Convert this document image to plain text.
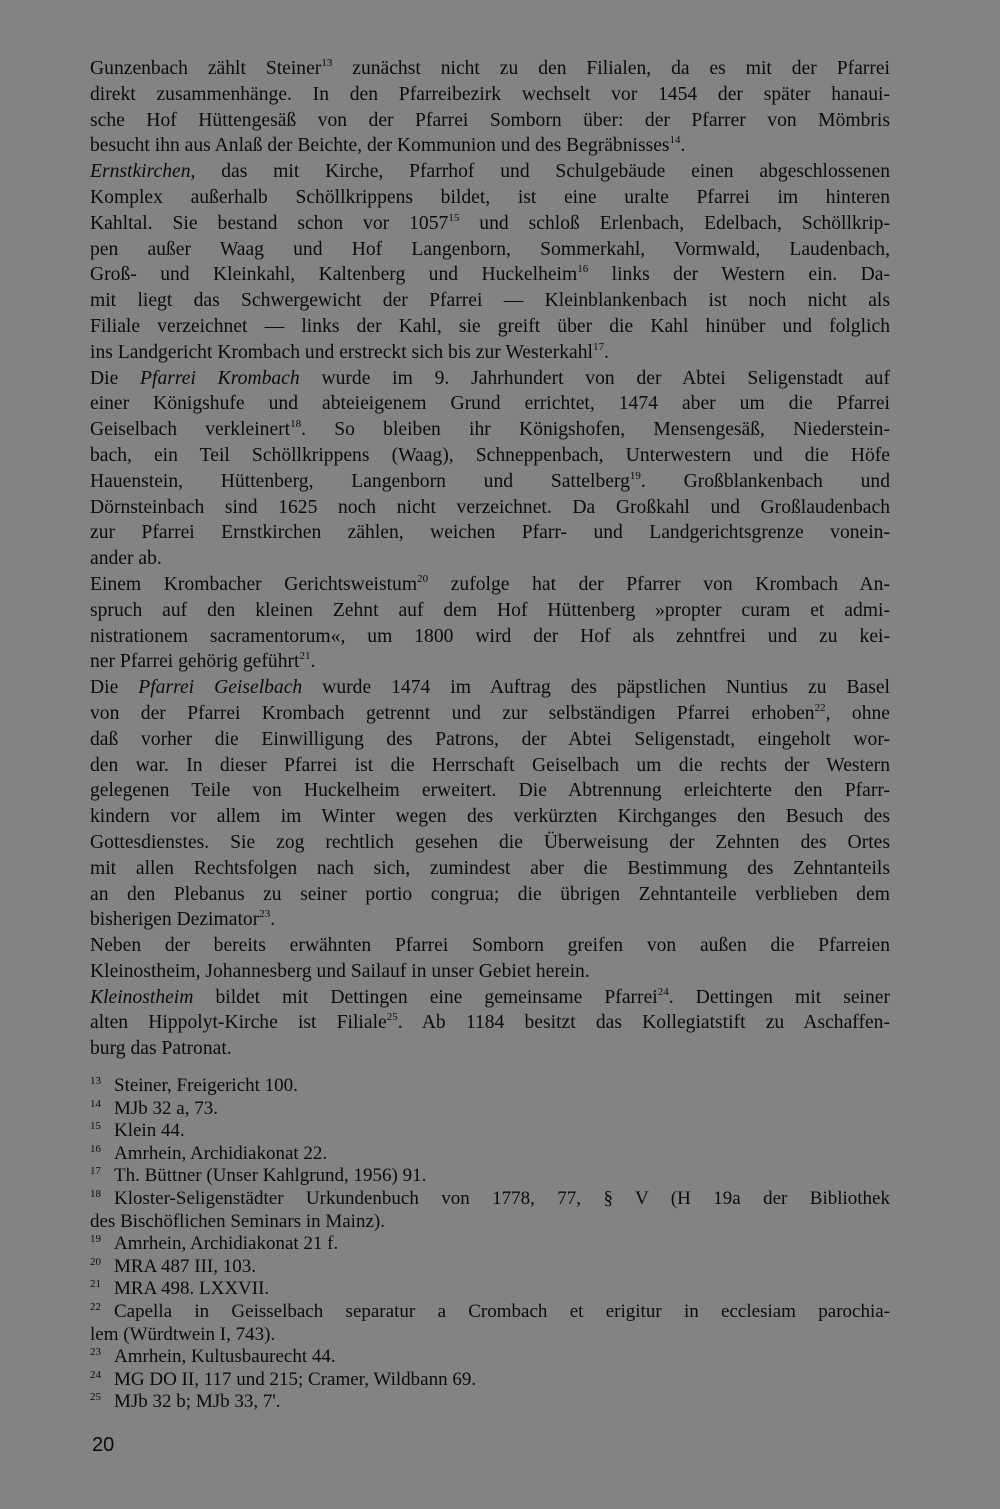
Gunzenbach zählt Steiner$^{13}$ zunächst nicht zu den Filialen, da es mit der Pfarrei
direkt zusammenhänge. In den Pfarreibezirk wechselt vor 1454 der später hanaui-
sche Hof Hüttengesäß von der Pfarrei Somborn über: der Pfarrer von Mömbris
besucht ihn aus Anlaß der Beichte, der Kommunion und des Begräbnisses$^{14}$.
Ernstkirchen, das mit Kirche, Pfarrhof und Schulgebäude einen abgeschlossenen
Komplex außerhalb Schöllkrippens bildet, ist eine uralte Pfarrei im hinteren
Kahltal. Sie bestand schon vor 1057$^{15}$ und schloß Erlenbach, Edelbach, Schöllkrip-
pen außer Waag und Hof Langenborn, Sommerkahl, Vormwald, Laudenbach,
Groß- und Kleinkahl, Kaltenberg und Huckelheim$^{16}$ links der Western ein. Da-
mit liegt das Schwergewicht der Pfarrei — Kleinblankenbach ist noch nicht als
Filiale verzeichnet — links der Kahl, sie greift über die Kahl hinüber und folglich
ins Landgericht Krombach und erstreckt sich bis zur Westerkahl$^{17}$.
Die Pfarrei Krombach wurde im 9. Jahrhundert von der Abtei Seligenstadt auf
einer Königshufe und abteieigenem Grund errichtet, 1474 aber um die Pfarrei
Geiselbach verkleinert$^{18}$. So bleiben ihr Königshofen, Mensengesäß, Niederstein-
bach, ein Teil Schöllkrippens (Waag), Schneppenbach, Unterwestern und die Höfe
Hauenstein, Hüttenberg, Langenborn und Sattelberg$^{19}$. Großblankenbach und
Dörnsteinbach sind 1625 noch nicht verzeichnet. Da Großkahl und Großlaudenbach
zur Pfarrei Ernstkirchen zählen, weichen Pfarr- und Landgerichtsgrenze vonein-
ander ab.
Einem Krombacher Gerichtsweistum$^{20}$ zufolge hat der Pfarrer von Krombach An-
spruch auf den kleinen Zehnt auf dem Hof Hüttenberg »propter curam et admi-
nistrationem sacramentorum«, um 1800 wird der Hof als zehntfrei und zu kei-
ner Pfarrei gehörig geführt$^{21}$.
Die Pfarrei Geiselbach wurde 1474 im Auftrag des päpstlichen Nuntius zu Basel
von der Pfarrei Krombach getrennt und zur selbständigen Pfarrei erhoben$^{22}$, ohne
daß vorher die Einwilligung des Patrons, der Abtei Seligenstadt, eingeholt wor-
den war. In dieser Pfarrei ist die Herrschaft Geiselbach um die rechts der Western
gelegenen Teile von Huckelheim erweitert. Die Abtrennung erleichterte den Pfarr-
kindern vor allem im Winter wegen des verkürzten Kirchganges den Besuch des
Gottesdienstes. Sie zog rechtlich gesehen die Überweisung der Zehnten des Ortes
mit allen Rechtsfolgen nach sich, zumindest aber die Bestimmung des Zehntanteils
an den Plebanus zu seiner portio congrua; die übrigen Zehntanteile verblieben dem
bisherigen Dezimator$^{23}$.
Neben der bereits erwähnten Pfarrei Somborn greifen von außen die Pfarreien
Kleinostheim, Johannesberg und Sailauf in unser Gebiet herein.
Kleinostheim bildet mit Dettingen eine gemeinsame Pfarrei$^{24}$. Dettingen mit seiner
alten Hippolyt-Kirche ist Filiale$^{25}$. Ab 1184 besitzt das Kollegiatstift zu Aschaffen-
burg das Patronat.
13 Steiner, Freigericht 100.
14 MJb 32 a, 73.
15 Klein 44.
16 Amrhein, Archidiakonat 22.
17 Th. Büttner (Unser Kahlgrund, 1956) 91.
18 Kloster-Seligenstädter Urkundenbuch von 1778, 77, § V (H 19a der Bibliothek
des Bischöflichen Seminars in Mainz).
19 Amrhein, Archidiakonat 21 f.
20 MRA 487 III, 103.
21 MRA 498. LXXVII.
22 Capella in Geisselbach separatur a Crombach et erigitur in ecclesiam parochia-
lem (Würdtwein I, 743).
23 Amrhein, Kultusbaurecht 44.
24 MG DO II, 117 und 215; Cramer, Wildbann 69.
25 MJb 32 b; MJb 33, 7'.
20
